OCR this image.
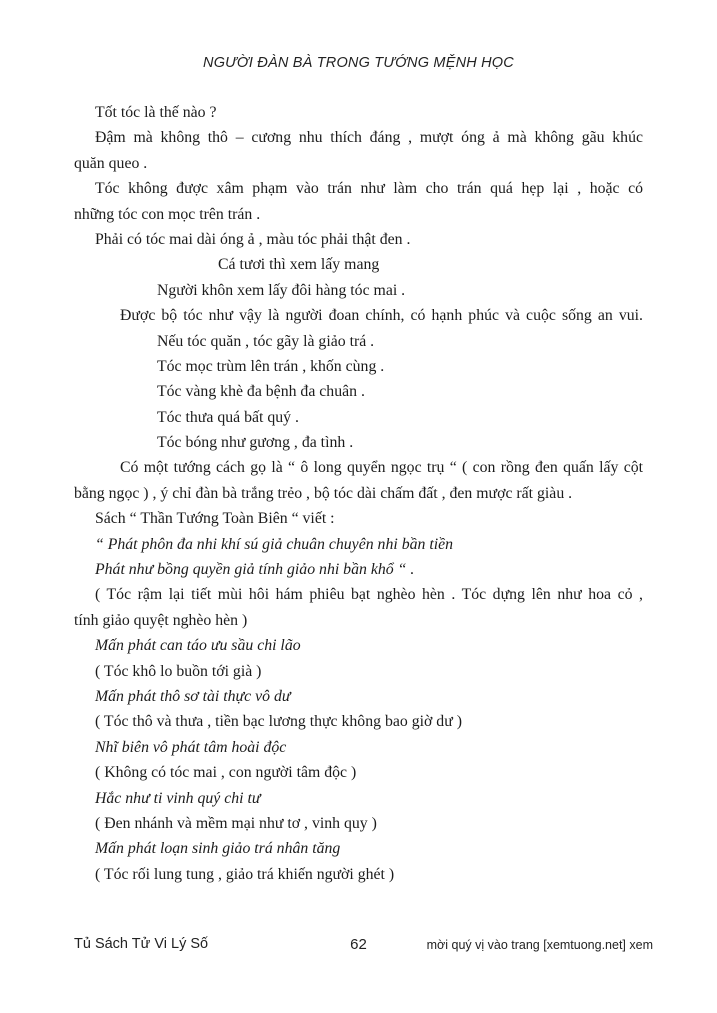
NGƯỜI ĐÀN BÀ TRONG TƯỚNG MỆNH HỌC
Tốt tóc là thế nào ?
Đậm mà không thô – cương nhu thích đáng , mượt óng ả mà không gãu khúc
quăn queo .
Tóc không được xâm phạm vào trán như làm cho trán quá hẹp lại , hoặc có
những tóc con mọc trên trán .
Phải có tóc mai dài óng ả , màu tóc phải thật đen .
Cá tươi thì xem lấy mang
Người khôn xem lấy đôi hàng tóc mai .
Được bộ tóc như vậy là người đoan chính, có hạnh phúc và cuộc sống an vui.
Nếu tóc quăn , tóc gãy là giảo trá .
Tóc mọc trùm lên trán , khốn cùng .
Tóc vàng khè đa bệnh đa chuân .
Tóc thưa quá bất quý .
Tóc bóng như gương , đa tình .
Có một tướng cách gọ là “ ô long quyển ngọc trụ “ ( con rồng đen quấn lấy cột
bằng ngọc ) , ý chỉ đàn bà trắng trẻo , bộ tóc dài chấm đất , đen mược rất giàu .
Sách “ Thần Tướng Toàn Biên “ viết :
“ Phát phôn đa nhi khí sú giả chuân chuyên nhi bần tiền
Phát như bồng quyền giả tính giảo nhi bần khổ “ .
( Tóc rậm lại tiết mùi hôi hám phiêu bạt nghèo hèn . Tóc dựng lên như hoa cỏ ,
tính giảo quyệt nghèo hèn )
Mấn phát can táo ưu sầu chi lão
( Tóc khô lo buồn tới già )
Mấn phát thô sơ tài thực vô dư
( Tóc thô và thưa , tiền bạc lương thực không bao giờ dư )
Nhĩ biên vô phát tâm hoài độc
( Không có tóc mai , con người tâm độc )
Hắc như ti vinh quý chi tư
( Đen nhánh và mềm mại như tơ , vinh quy )
Mấn phát loạn sinh giảo trá nhân tăng
( Tóc rối lung tung , giảo trá khiến người ghét )
Tủ Sách Tử Vi Lý Số	62	mời quý vị vào trang [xemtuong.net] xem
